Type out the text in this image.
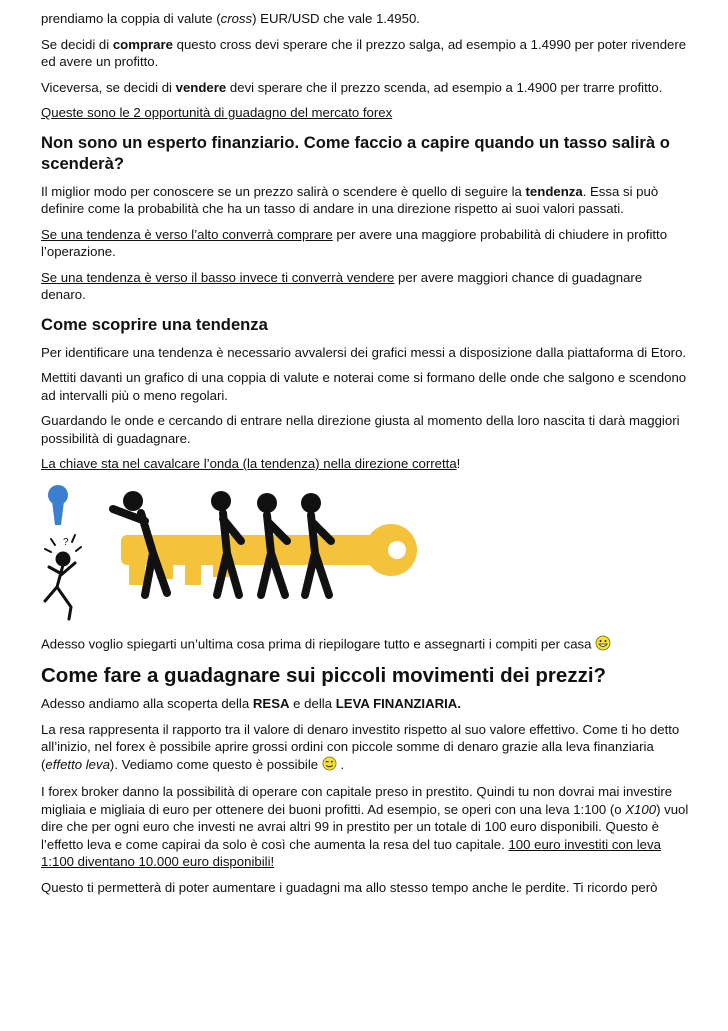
prendiamo la coppia di valute (cross) EUR/USD che vale 1.4950.

Se decidi di comprare questo cross devi sperare che il prezzo salga, ad esempio a 1.4990 per poter rivendere ed avere un profitto.

Viceversa, se decidi di vendere devi sperare che il prezzo scenda, ad esempio a 1.4900 per trarre profitto.

Queste sono le 2 opportunità di guadagno del mercato forex

Non sono un esperto finanziario. Come faccio a capire quando un tasso salirà o scenderà?

Il miglior modo per conoscere se un prezzo salirà o scendere è quello di seguire la tendenza. Essa si può definire come la probabilità che ha un tasso di andare in una direzione rispetto ai suoi valori passati.

Se una tendenza è verso l’alto converrà comprare per avere una maggiore probabilità di chiudere in profitto l’operazione.

Se una tendenza è verso il basso invece ti converrà vendere per avere maggiori chance di guadagnare denaro.

Come scoprire una tendenza

Per identificare una tendenza è necessario avvalersi dei grafici messi a disposizione dalla piattaforma di Etoro.

Mettiti davanti un grafico di una coppia di valute e noterai come si formano delle onde che salgono e scendono ad intervalli più o meno regolari.

Guardando le onde e cercando di entrare nella direzione giusta al momento della loro nascita ti darà maggiori possibilità di guadagnare.

La chiave sta nel cavalcare l’onda (la tendenza) nella direzione corretta!

?

Adesso voglio spiegarti un’ultima cosa prima di riepilogare tutto e assegnarti i compiti per casa

Come fare a guadagnare sui piccoli movimenti dei prezzi?

Adesso andiamo alla scoperta della RESA e della LEVA FINANZIARIA.

La resa rappresenta il rapporto tra il valore di denaro investito rispetto al suo valore effettivo. Come ti ho detto all’inizio, nel forex è possibile aprire grossi ordini con piccole somme di denaro grazie alla leva finanziaria (effetto leva). Vediamo come questo è possibile  .

I forex broker danno la possibilità di operare con capitale preso in prestito. Quindi tu non dovrai mai investire migliaia e migliaia di euro per ottenere dei buoni profitti. Ad esempio, se operi con una leva 1:100 (o X100) vuol dire che per ogni euro che investi ne avrai altri 99 in prestito per un totale di 100 euro disponibili. Questo è l’effetto leva e come capirai da solo è così che aumenta la resa del tuo capitale. 100 euro investiti con leva 1:100 diventano 10.000 euro disponibili!

Questo ti permetterà di poter aumentare i guadagni ma allo stesso tempo anche le perdite. Ti ricordo però
